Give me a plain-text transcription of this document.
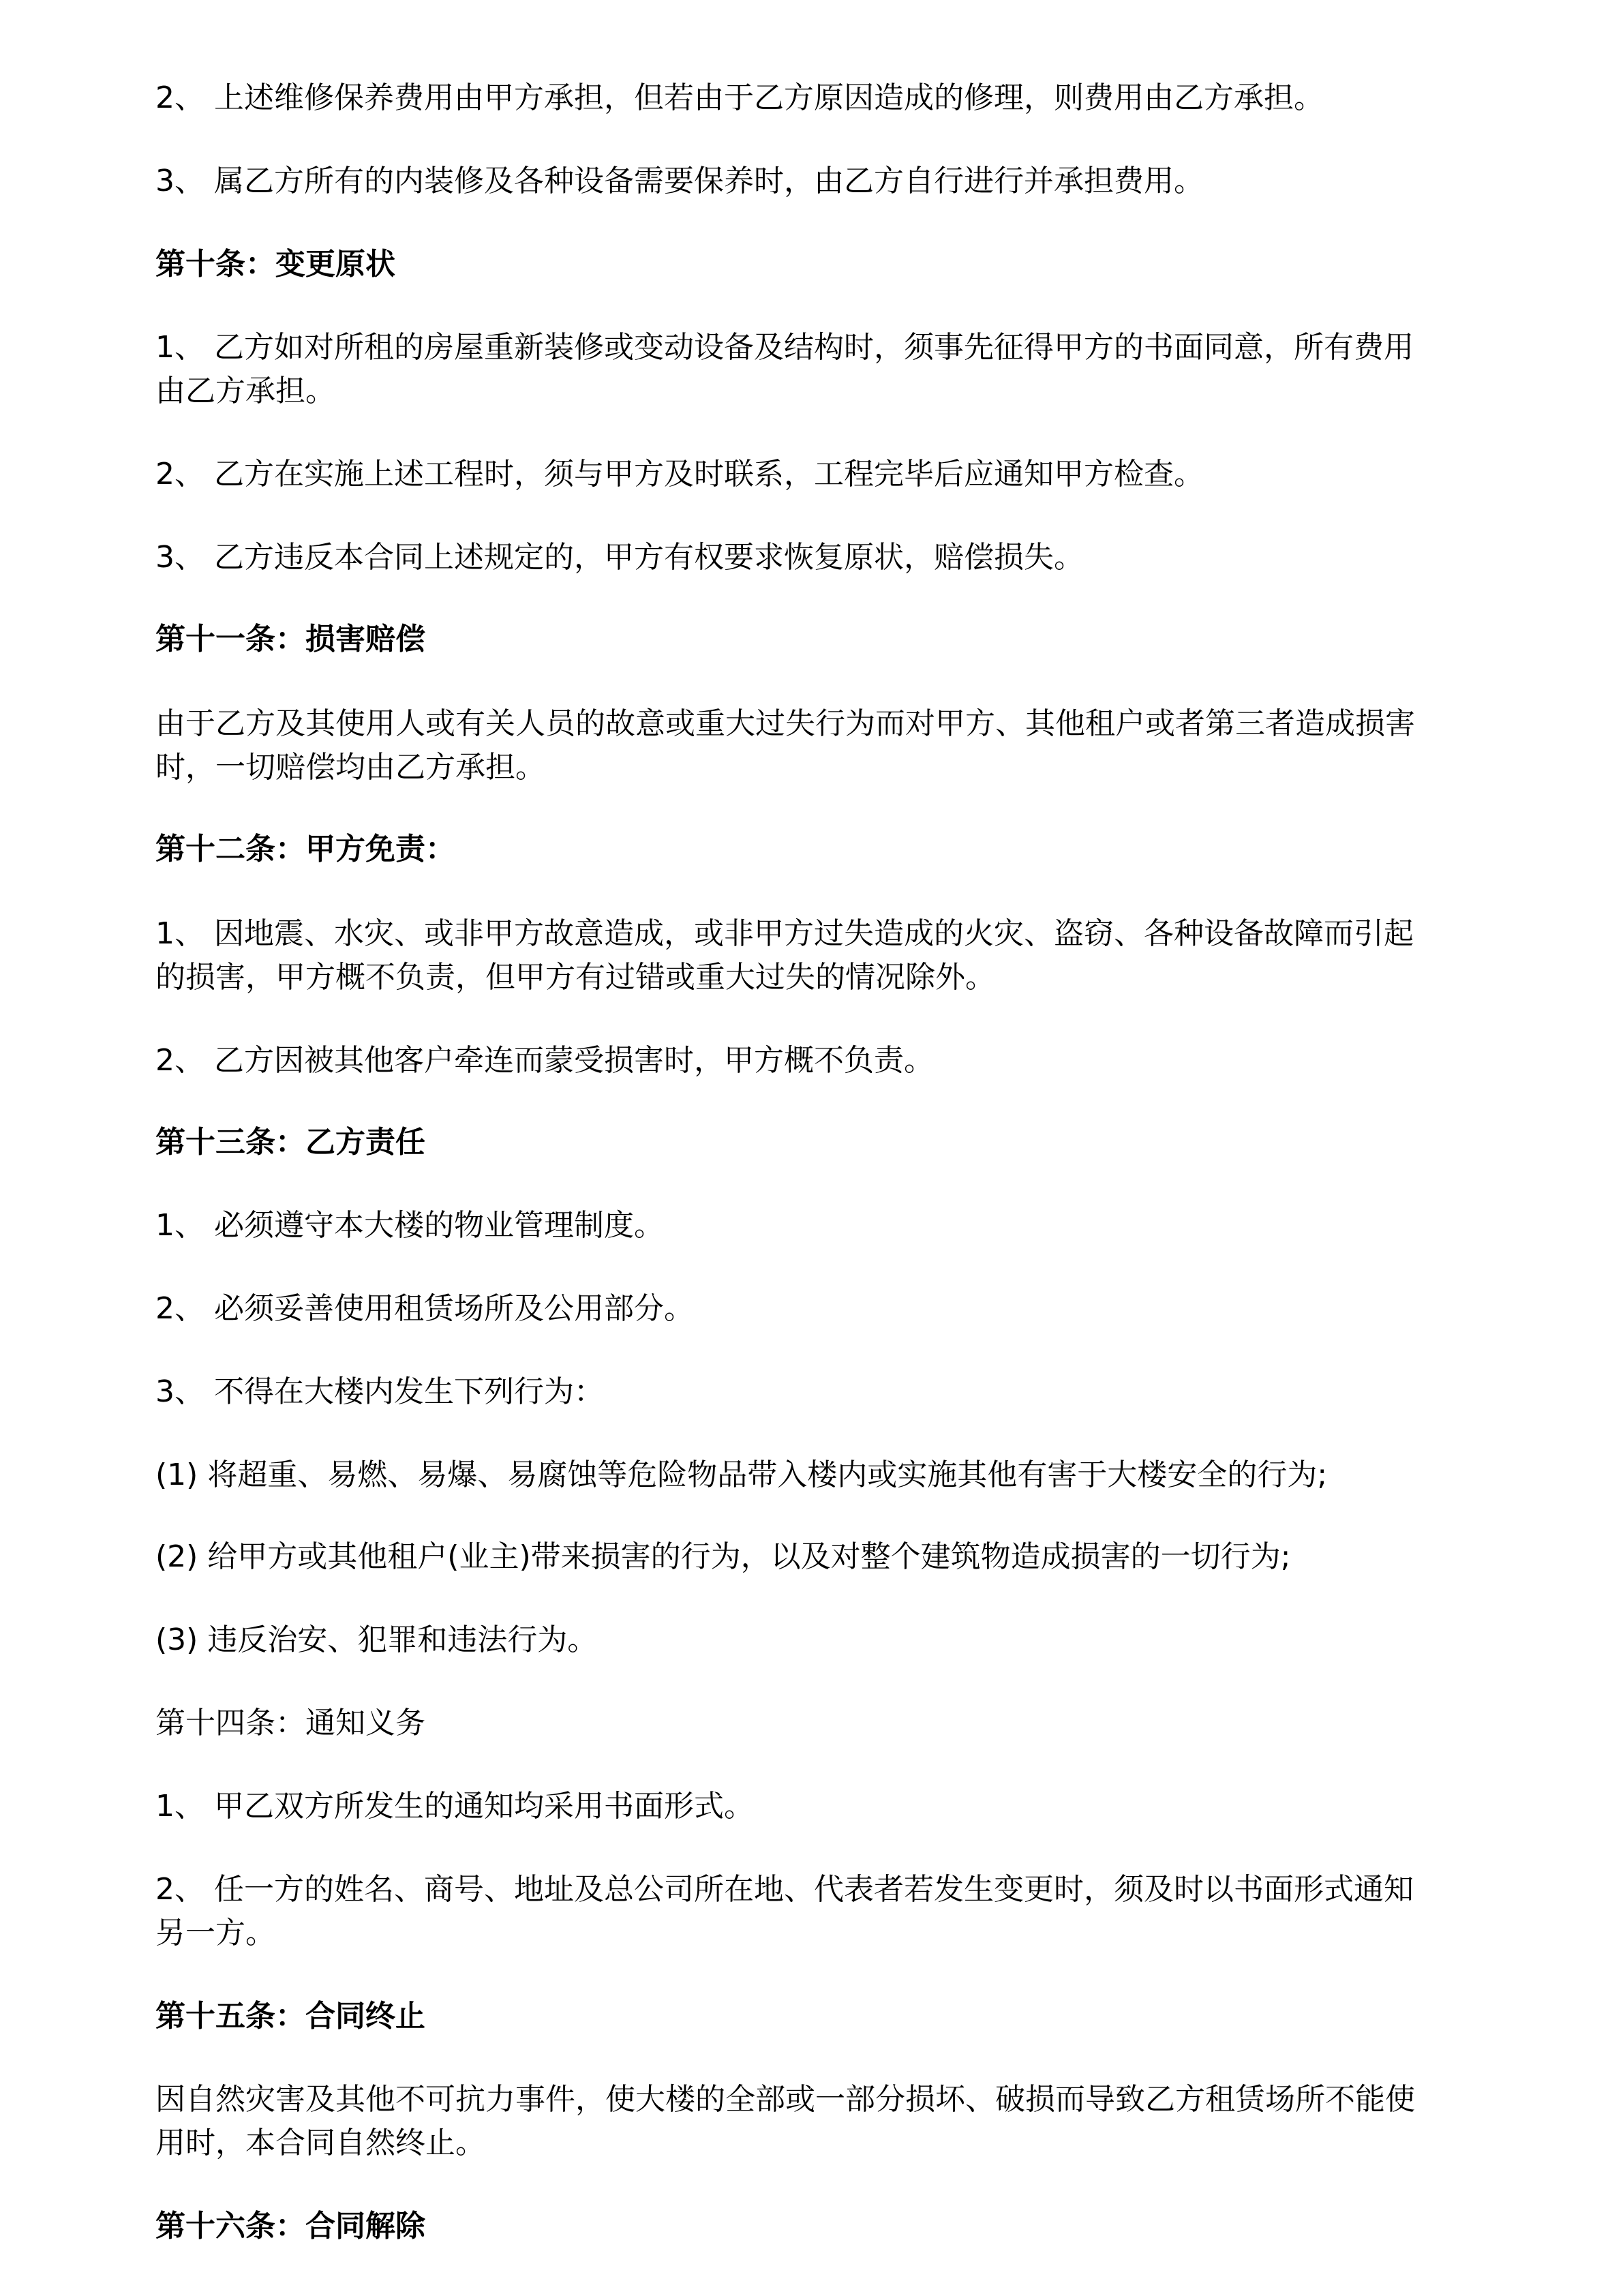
2、 上述维修保养费用由甲方承担，但若由于乙方原因造成的修理，则费用由乙方承担。
3、 属乙方所有的内装修及各种设备需要保养时，由乙方自行进行并承担费用。
第十条：变更原状
1、 乙方如对所租的房屋重新装修或变动设备及结构时，须事先征得甲方的书面同意，所有费用
由乙方承担。
2、 乙方在实施上述工程时，须与甲方及时联系，工程完毕后应通知甲方检查。
3、 乙方违反本合同上述规定的，甲方有权要求恢复原状，赔偿损失。
第十一条：损害赔偿
由于乙方及其使用人或有关人员的故意或重大过失行为而对甲方、其他租户或者第三者造成损害
时，一切赔偿均由乙方承担。
第十二条：甲方免责：
1、 因地震、水灾、或非甲方故意造成，或非甲方过失造成的火灾、盗窃、各种设备故障而引起
的损害，甲方概不负责，但甲方有过错或重大过失的情况除外。
2、 乙方因被其他客户牵连而蒙受损害时，甲方概不负责。
第十三条：乙方责任
1、 必须遵守本大楼的物业管理制度。
2、 必须妥善使用租赁场所及公用部分。
3、 不得在大楼内发生下列行为：
(1) 将超重、易燃、易爆、易腐蚀等危险物品带入楼内或实施其他有害于大楼安全的行为;
(2) 给甲方或其他租户(业主)带来损害的行为，以及对整个建筑物造成损害的一切行为;
(3) 违反治安、犯罪和违法行为。
第十四条：通知义务
1、 甲乙双方所发生的通知均采用书面形式。
2、 任一方的姓名、商号、地址及总公司所在地、代表者若发生变更时，须及时以书面形式通知
另一方。
第十五条：合同终止
因自然灾害及其他不可抗力事件，使大楼的全部或一部分损坏、破损而导致乙方租赁场所不能使
用时，本合同自然终止。
第十六条：合同解除
